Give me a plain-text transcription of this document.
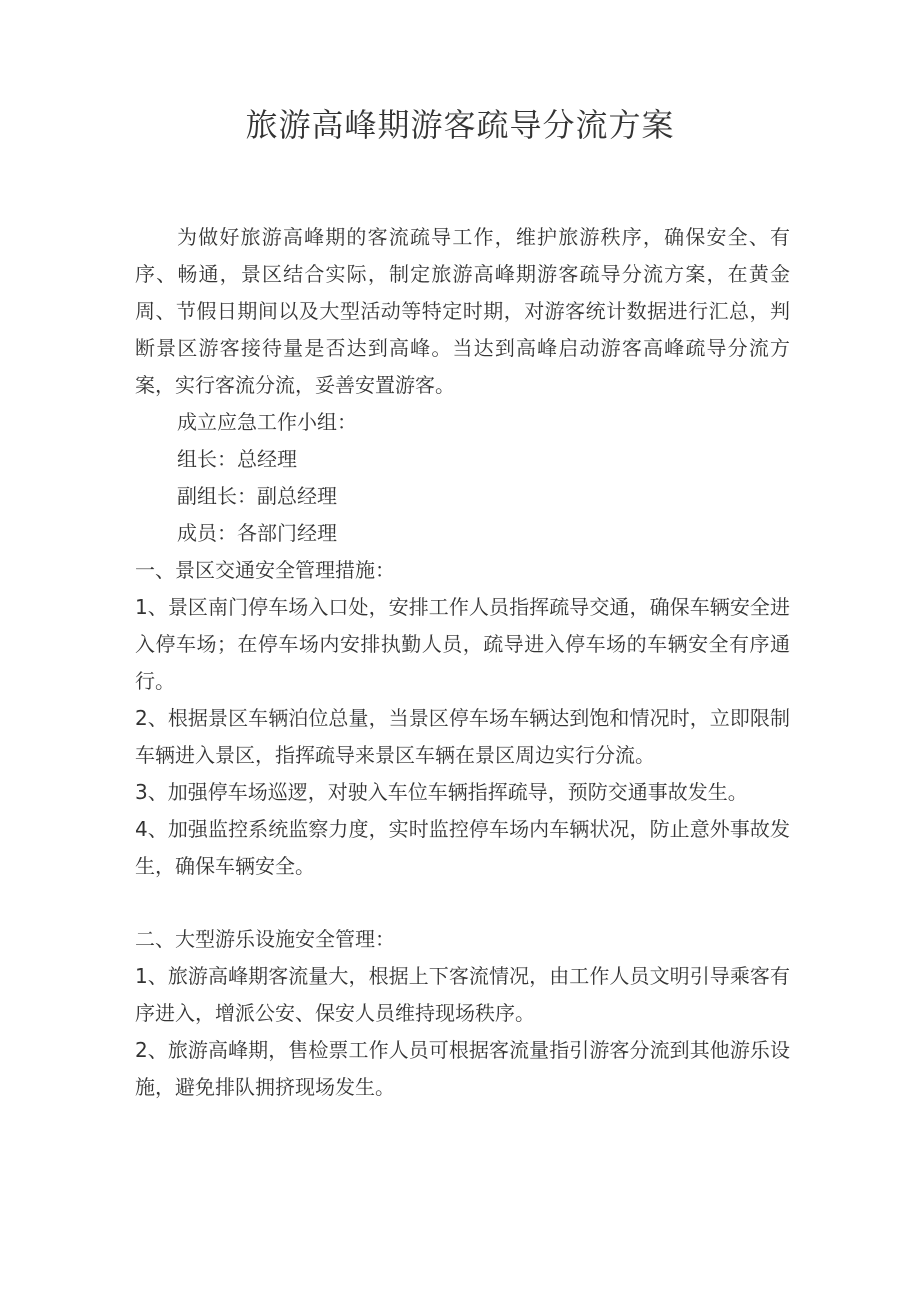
旅游高峰期游客疏导分流方案

为做好旅游高峰期的客流疏导工作，维护旅游秩序，确保安全、有序、畅通，景区结合实际，制定旅游高峰期游客疏导分流方案，在黄金周、节假日期间以及大型活动等特定时期，对游客统计数据进行汇总，判断景区游客接待量是否达到高峰。当达到高峰启动游客高峰疏导分流方案，实行客流分流，妥善安置游客。

成立应急工作小组：

组长：总经理

副组长：副总经理

成员：各部门经理

一、景区交通安全管理措施：

1、景区南门停车场入口处，安排工作人员指挥疏导交通，确保车辆安全进入停车场；在停车场内安排执勤人员，疏导进入停车场的车辆安全有序通行。

2、根据景区车辆泊位总量，当景区停车场车辆达到饱和情况时，立即限制车辆进入景区，指挥疏导来景区车辆在景区周边实行分流。

3、加强停车场巡逻，对驶入车位车辆指挥疏导，预防交通事故发生。

4、加强监控系统监察力度，实时监控停车场内车辆状况，防止意外事故发生，确保车辆安全。

二、大型游乐设施安全管理：

1、旅游高峰期客流量大，根据上下客流情况，由工作人员文明引导乘客有序进入，增派公安、保安人员维持现场秩序。

2、旅游高峰期，售检票工作人员可根据客流量指引游客分流到其他游乐设施，避免排队拥挤现场发生。
